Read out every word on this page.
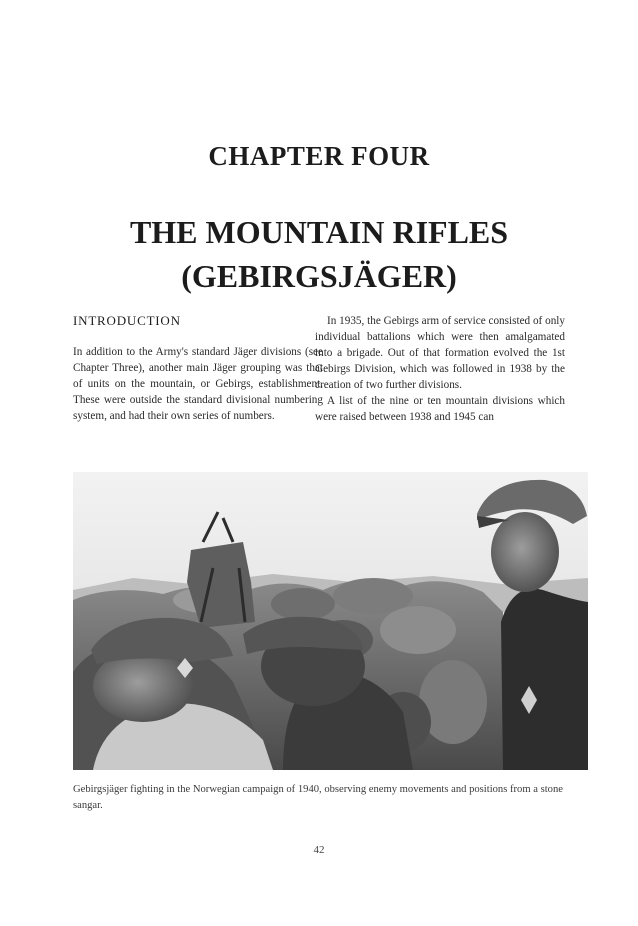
CHAPTER FOUR
THE MOUNTAIN RIFLES
(GEBIRGSJÄGER)
INTRODUCTION

In addition to the Army's standard Jäger divisions (see Chapter Three), another main Jäger grouping was that of units on the mountain, or Gebirgs, establishment. These were outside the standard divisional numbering system, and had their own series of numbers.

In 1935, the Gebirgs arm of service consisted of only individual battalions which were then amalgamated into a brigade. Out of that formation evolved the 1st Gebirgs Division, which was followed in 1938 by the creation of two further divisions.

A list of the nine or ten mountain divisions which were raised between 1938 and 1945 can

Gebirgsjäger fighting in the Norwegian campaign of 1940, observing enemy movements and positions from a stone sangar.

42
